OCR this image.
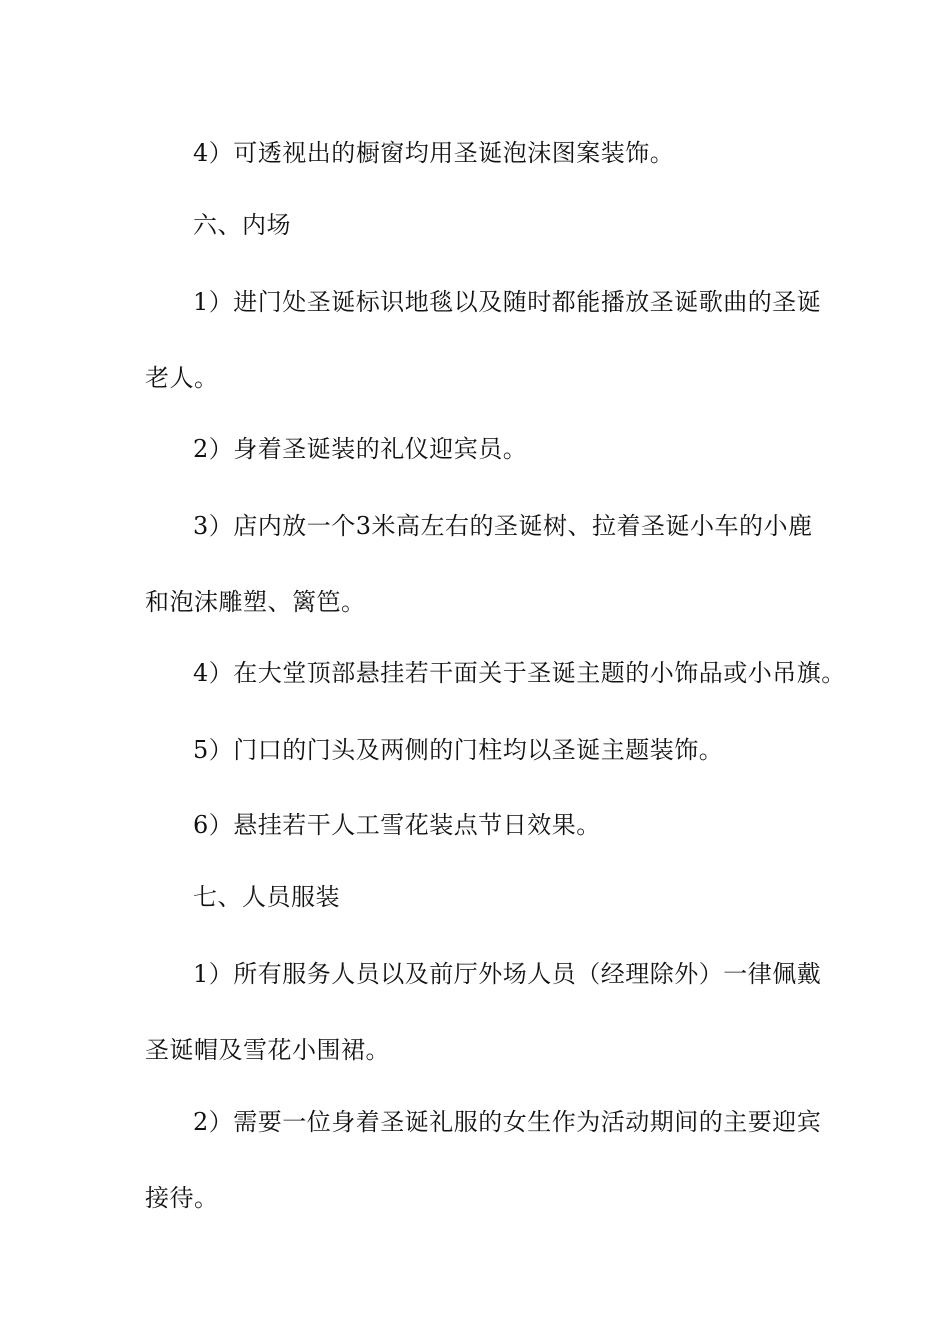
4）可透视出的橱窗均用圣诞泡沫图案装饰。
六、内场
1）进门处圣诞标识地毯以及随时都能播放圣诞歌曲的圣诞
老人。
2）身着圣诞装的礼仪迎宾员。
3）店内放一个3米高左右的圣诞树、拉着圣诞小车的小鹿
和泡沫雕塑、篱笆。
4）在大堂顶部悬挂若干面关于圣诞主题的小饰品或小吊旗。
5）门口的门头及两侧的门柱均以圣诞主题装饰。
6）悬挂若干人工雪花装点节日效果。
七、人员服装
1）所有服务人员以及前厅外场人员（经理除外）一律佩戴
圣诞帽及雪花小围裙。
2）需要一位身着圣诞礼服的女生作为活动期间的主要迎宾
接待。
